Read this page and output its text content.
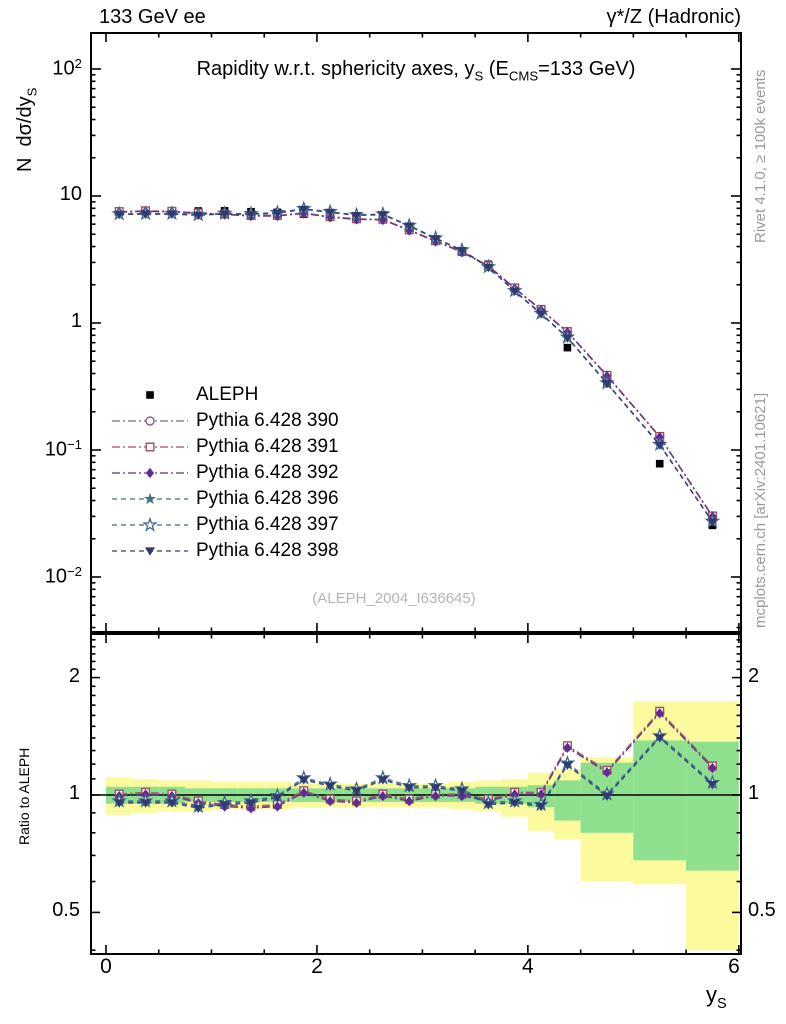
133 GeV ee	γ*/Z (Hadronic)
Rapidity w.r.t. sphericity axes, $y_S$ ($E_{CMS}=133$ GeV)
Ndσ/$dy_S$
Ratio to ALEPH
Rivet 4.1.0, ≥ 100k events
mcplots.cern.ch [arXiv:2401.10621]
(ALEPH_2004_I636645)
$y_S$
ALEPH
Pythia 6.428 390
Pythia 6.428 391
Pythia 6.428 392
Pythia 6.428 396
Pythia 6.428 397
Pythia 6.428 398
$10^2$
10
1
$10^{-1}$
$10^{-2}$
2	2
1	1
0.5	0.5
0	2	4	6
